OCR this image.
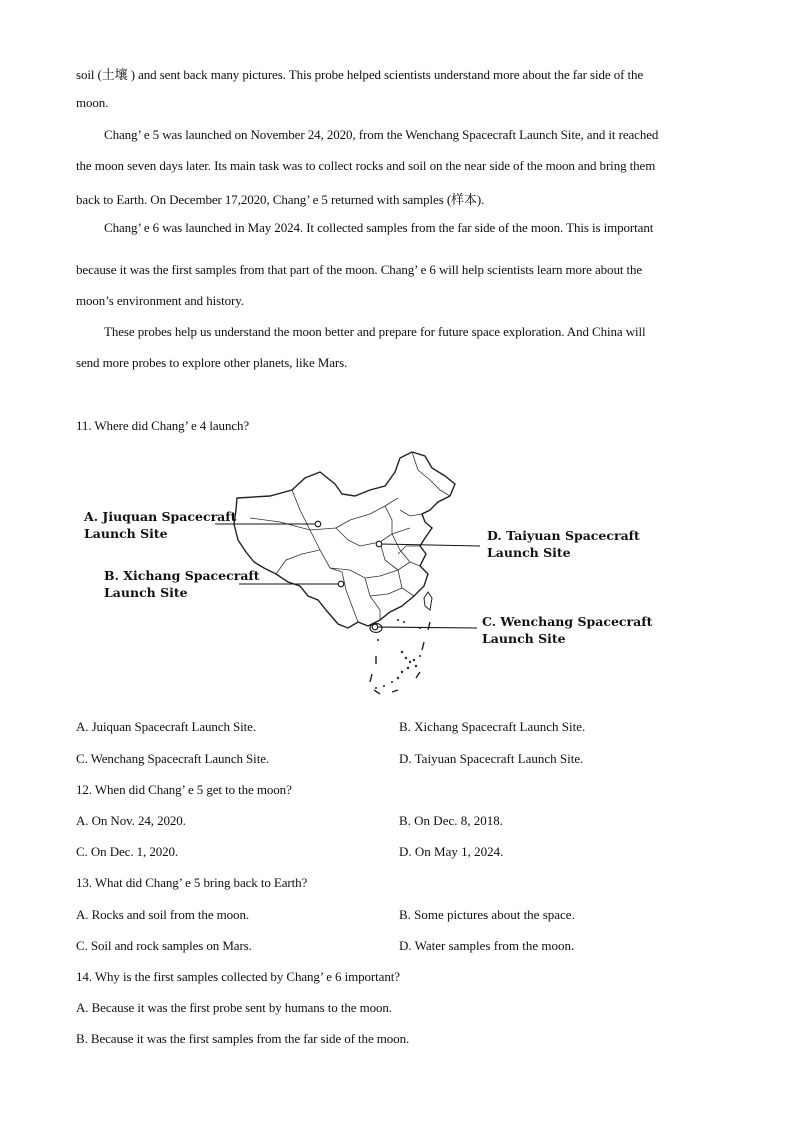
soil (土壤 ) and sent back many pictures. This probe helped scientists understand more about the far side of the
moon.
Chang’ e 5 was launched on November 24, 2020, from the Wenchang Spacecraft Launch Site, and it reached
the moon seven days later. Its main task was to collect rocks and soil on the near side of the moon and bring them
back to Earth. On December 17,2020, Chang’ e 5 returned with samples (样本).
Chang’ e 6 was launched in May 2024. It collected samples from the far side of the moon. This is important
because it was the first samples from that part of the moon. Chang’ e 6 will help scientists learn more about the
moon’s environment and history.
These probes help us understand the moon better and prepare for future space exploration. And China will
send more probes to explore other planets, like Mars.
11. Where did Chang’ e 4 launch?
A. Jiuquan Spacecraft
Launch Site
B. Xichang Spacecraft
Launch Site
D. Taiyuan Spacecraft
Launch Site
C. Wenchang Spacecraft
Launch Site
A. Juiquan Spacecraft Launch Site.	B. Xichang Spacecraft Launch Site.
C. Wenchang Spacecraft Launch Site.	D. Taiyuan Spacecraft Launch Site.
12. When did Chang’ e 5 get to the moon?
A. On Nov. 24, 2020.	B. On Dec. 8, 2018.
C. On Dec. 1, 2020.	D. On May 1, 2024.
13. What did Chang’ e 5 bring back to Earth?
A. Rocks and soil from the moon.	B. Some pictures about the space.
C. Soil and rock samples on Mars.	D. Water samples from the moon.
14. Why is the first samples collected by Chang’ e 6 important?
A. Because it was the first probe sent by humans to the moon.
B. Because it was the first samples from the far side of the moon.
